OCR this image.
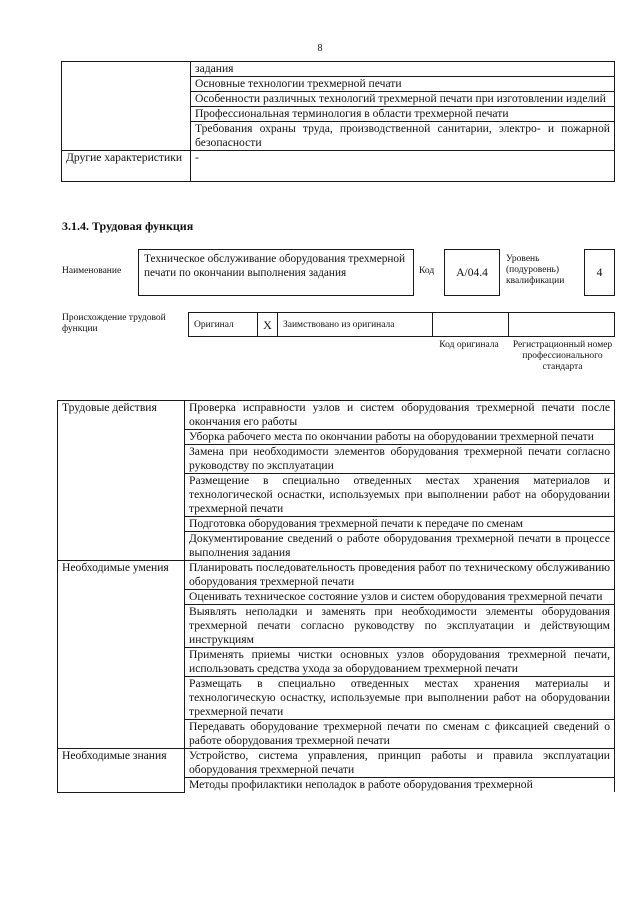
8
	задания
	Основные технологии трехмерной печати
	Особенности различных технологий трехмерной печати при изготовлении изделий
	Профессиональная терминология в области трехмерной печати
	Требования охраны труда, производственной санитарии, электро- и пожарной безопасности
Другие характеристики	-
3.1.4. Трудовая функция
Наименование
Техническое обслуживание оборудования трехмерной печати по окончании выполнения задания	Код A/04.4
Уровень (подуровень) квалификации
4
Происхождение трудовой функции	Оригинал	X	Заимствовано из оригинала		
Код оригинала	Регистрационный номер профессионального стандарта
Трудовые действия	Проверка исправности узлов и систем оборудования трехмерной печати после окончания его работы
	Уборка рабочего места по окончании работы на оборудовании трехмерной печати
	Замена при необходимости элементов оборудования трехмерной печати согласно руководству по эксплуатации
	Размещение в специально отведенных местах хранения материалов и технологической оснастки, используемых при выполнении работ на оборудовании трехмерной печати
	Подготовка оборудования трехмерной печати к передаче по сменам
	Документирование сведений о работе оборудования трехмерной печати в процессе выполнения задания
Необходимые умения	Планировать последовательность проведения работ по техническому обслуживанию оборудования трехмерной печати
	Оценивать техническое состояние узлов и систем оборудования трехмерной печати
	Выявлять неполадки и заменять при необходимости элементы оборудования трехмерной печати согласно руководству по эксплуатации и действующим инструкциям
	Применять приемы чистки основных узлов оборудования трехмерной печати, использовать средства ухода за оборудованием трехмерной печати
	Размещать в специально отведенных местах хранения материалы и технологическую оснастку, используемые при выполнении работ на оборудовании трехмерной печати
	Передавать оборудование трехмерной печати по сменам с фиксацией сведений о работе оборудования трехмерной печати
Необходимые знания	Устройство, система управления, принцип работы и правила эксплуатации оборудования трехмерной печати
	Методы профилактики неполадок в работе оборудования трехмерной
